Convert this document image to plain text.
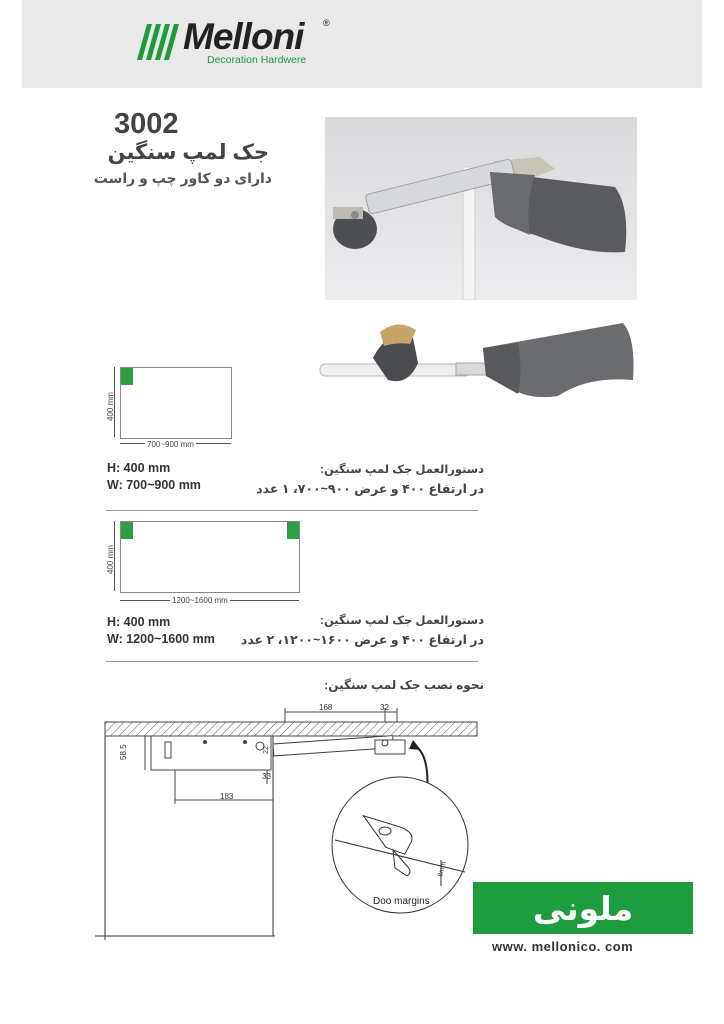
Melloni ®
Decoration Hardwere
3002
جک لمپ سنگین
دارای دو کاور چپ و راست
400 mm
700~900 mm
H: 400 mm
W: 700~900 mm
دستورالعمل جک لمپ سنگین:
در ارتفاع ۴۰۰ و عرض ۹۰۰~۷۰۰، ۱ عدد
400 mm
1200~1600 mm
H: 400 mm
W: 1200~1600 mm
دستورالعمل جک لمپ سنگین:
در ارتفاع ۴۰۰ و عرض ۱۶۰۰~۱۲۰۰، ۲ عدد
نحوه نصب جک لمپ سنگین:
168	32
58.5	22
33
183
8mm
Doo margins	ملونی
www. mellonico. com
